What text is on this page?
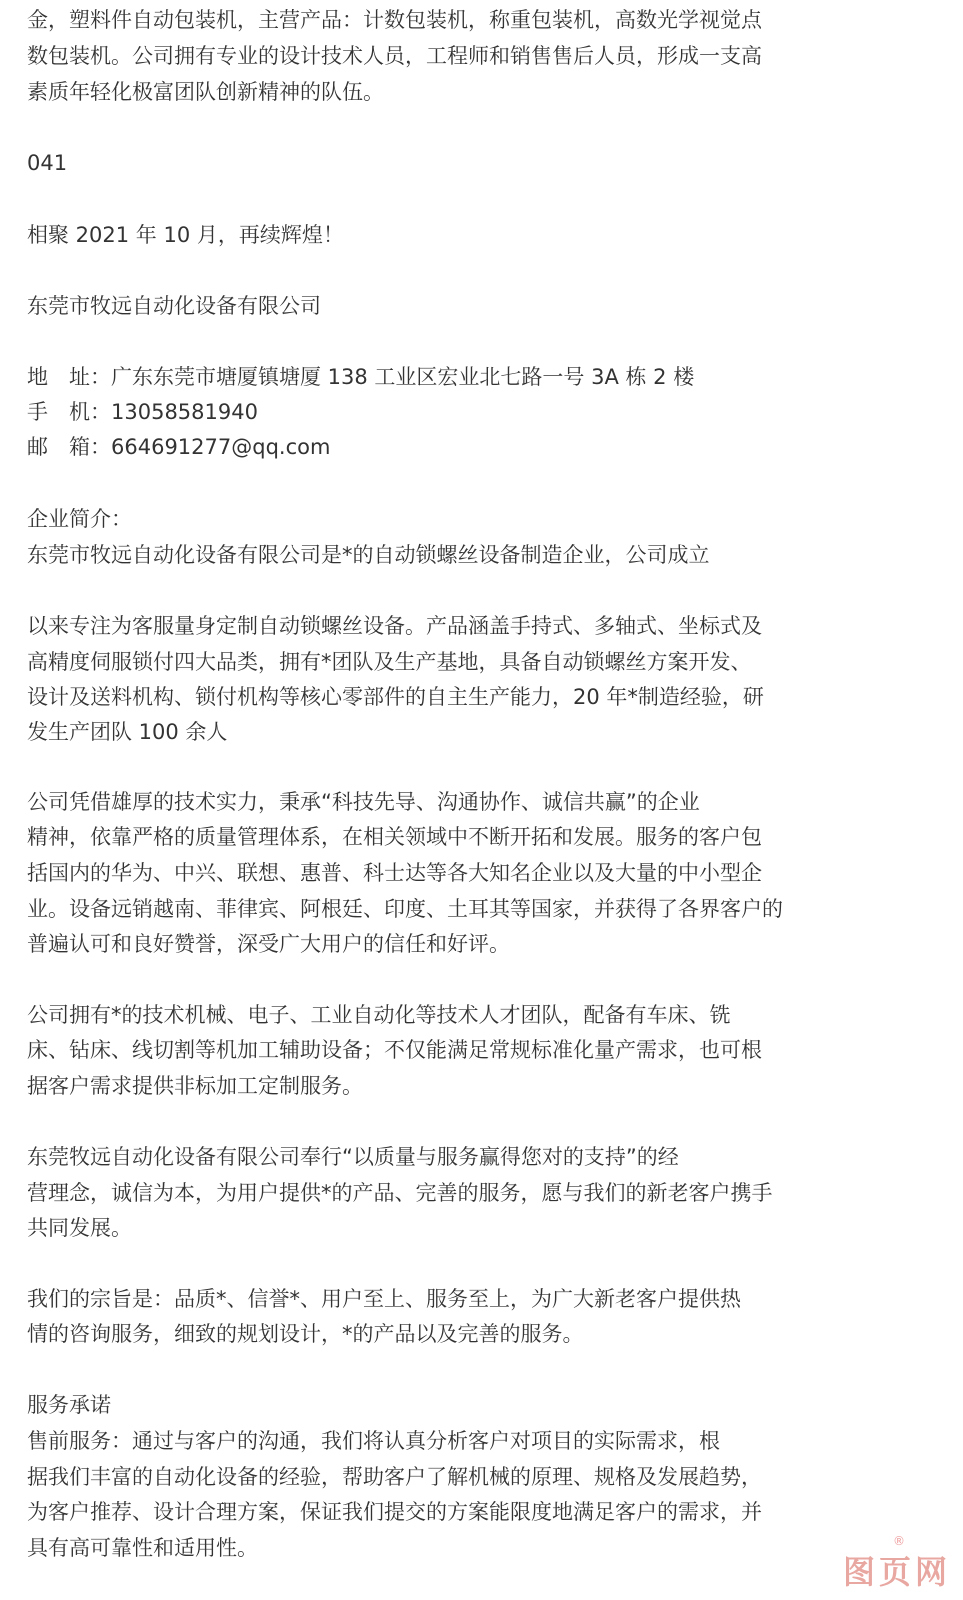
金，塑料件自动包装机，主营产品：计数包装机，称重包装机，高数光学视觉点
数包装机。公司拥有专业的设计技术人员，工程师和销售售后人员，形成一支高
素质年轻化极富团队创新精神的队伍。
041
相聚 2021 年 10 月，再续辉煌！
东莞市牧远自动化设备有限公司
地　址：广东东莞市塘厦镇塘厦 138 工业区宏业北七路一号 3A 栋 2 楼
手　机：13058581940
邮　箱：664691277@qq.com
企业简介：
东莞市牧远自动化设备有限公司是*的自动锁螺丝设备制造企业，公司成立
以来专注为客服量身定制自动锁螺丝设备。产品涵盖手持式、多轴式、坐标式及
高精度伺服锁付四大品类，拥有*团队及生产基地，具备自动锁螺丝方案开发、
设计及送料机构、锁付机构等核心零部件的自主生产能力，20 年*制造经验，研
发生产团队 100 余人
公司凭借雄厚的技术实力，秉承“科技先导、沟通协作、诚信共赢”的企业
精神，依靠严格的质量管理体系，在相关领域中不断开拓和发展。服务的客户包
括国内的华为、中兴、联想、惠普、科士达等各大知名企业以及大量的中小型企
业。设备远销越南、菲律宾、阿根廷、印度、土耳其等国家，并获得了各界客户的
普遍认可和良好赞誉，深受广大用户的信任和好评。
公司拥有*的技术机械、电子、工业自动化等技术人才团队，配备有车床、铣
床、钻床、线切割等机加工辅助设备；不仅能满足常规标准化量产需求，也可根
据客户需求提供非标加工定制服务。
东莞牧远自动化设备有限公司奉行“以质量与服务赢得您对的支持”的经
营理念，诚信为本，为用户提供*的产品、完善的服务，愿与我们的新老客户携手
共同发展。
我们的宗旨是：品质*、信誉*、用户至上、服务至上，为广大新老客户提供热
情的咨询服务，细致的规划设计，*的产品以及完善的服务。
服务承诺
售前服务：通过与客户的沟通，我们将认真分析客户对项目的实际需求，根
据我们丰富的自动化设备的经验，帮助客户了解机械的原理、规格及发展趋势，
为客户推荐、设计合理方案，保证我们提交的方案能限度地满足客户的需求，并
具有高可靠性和适用性。	®
图页网
